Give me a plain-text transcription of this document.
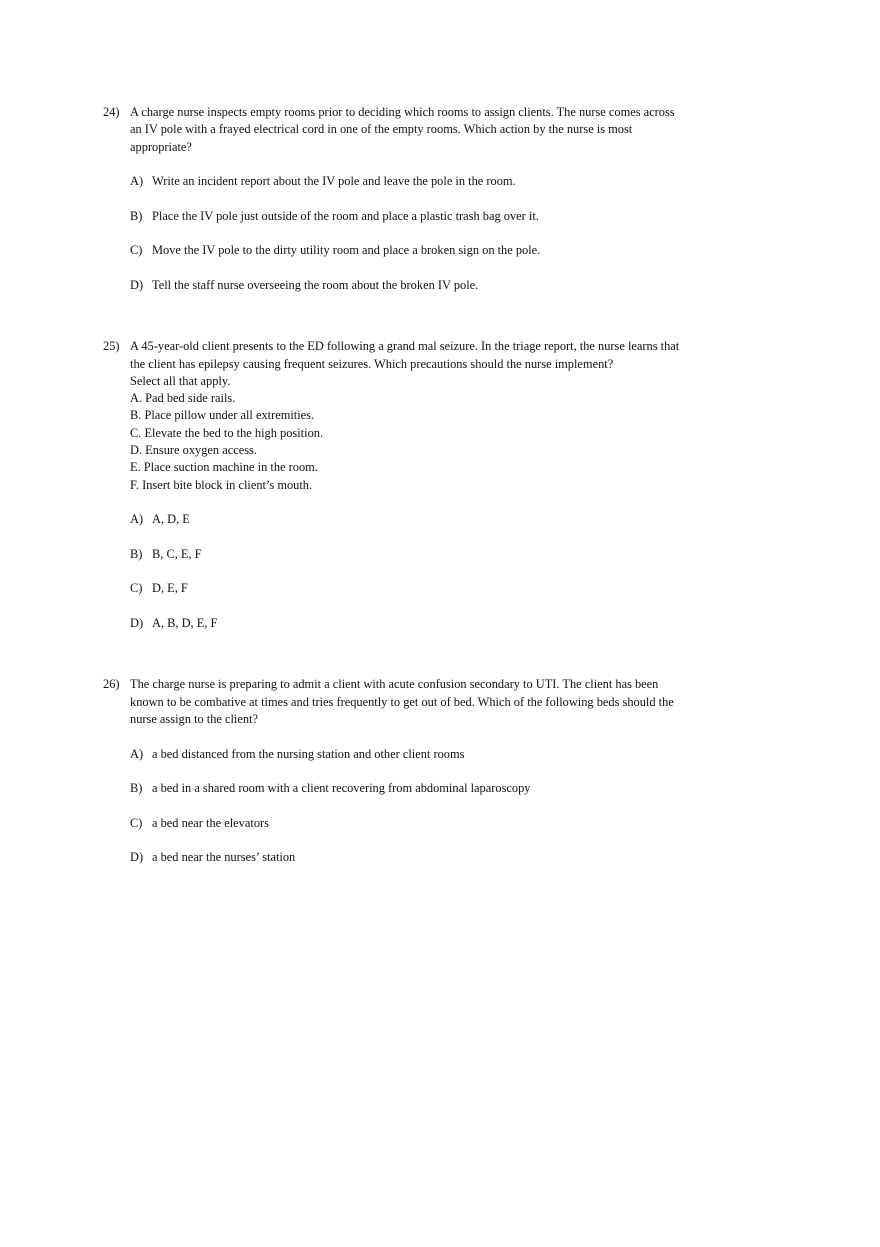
24) A charge nurse inspects empty rooms prior to deciding which rooms to assign clients. The nurse comes across
an IV pole with a frayed electrical cord in one of the empty rooms. Which action by the nurse is most
appropriate?
A) Write an incident report about the IV pole and leave the pole in the room.
B) Place the IV pole just outside of the room and place a plastic trash bag over it.
C) Move the IV pole to the dirty utility room and place a broken sign on the pole.
D) Tell the staff nurse overseeing the room about the broken IV pole.
25) A 45-year-old client presents to the ED following a grand mal seizure. In the triage report, the nurse learns that
the client has epilepsy causing frequent seizures. Which precautions should the nurse implement?
Select all that apply.
A. Pad bed side rails.
B. Place pillow under all extremities.
C. Elevate the bed to the high position.
D. Ensure oxygen access.
E. Place suction machine in the room.
F. Insert bite block in client’s mouth.
A) A, D, E
B) B, C, E, F
C) D, E, F
D) A, B, D, E, F
26) The charge nurse is preparing to admit a client with acute confusion secondary to UTI. The client has been
known to be combative at times and tries frequently to get out of bed. Which of the following beds should the
nurse assign to the client?
A) a bed distanced from the nursing station and other client rooms
B) a bed in a shared room with a client recovering from abdominal laparoscopy
C) a bed near the elevators
D) a bed near the nurses’ station
